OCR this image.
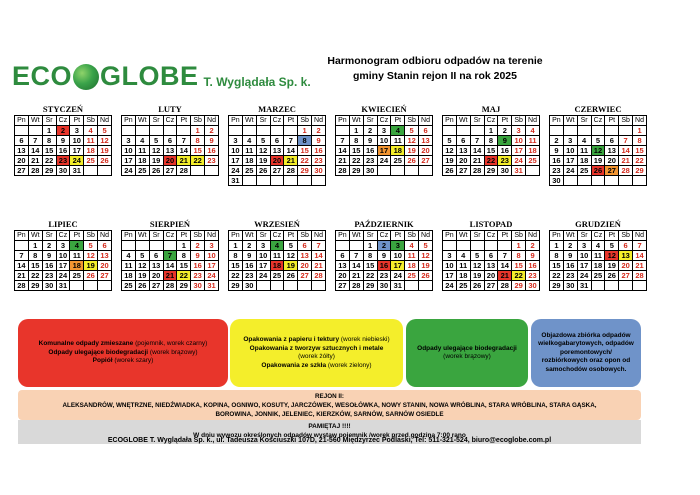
ECO GLOBE T. Wyglądała Sp. k.
Harmonogram odbioru odpadów na terenie
gminy Stanin rejon II na rok 2025
STYCZEŃ
Pn	Wt	Śr	Cz	Pt	Sb	Nd
		1	2	3	4	5
6	7	8	9	10	11	12
13	14	15	16	17	18	19
20	21	22	23	24	25	26
27	28	29	30	31		
LUTY
Pn	Wt	Śr	Cz	Pt	Sb	Nd
					1	2
3	4	5	6	7	8	9
10	11	12	13	14	15	16
17	18	19	20	21	22	23
24	25	26	27	28		
MARZEC
Pn	Wt	Śr	Cz	Pt	Sb	Nd
					1	2
3	4	5	6	7	8	9
10	11	12	13	14	15	16
17	18	19	20	21	22	23
24	25	26	27	28	29	30
31						
KWIECIEŃ
Pn	Wt	Śr	Cz	Pt	Sb	Nd
	1	2	3	4	5	6
7	8	9	10	11	12	13
14	15	16	17	18	19	20
21	22	23	24	25	26	27
28	29	30				
MAJ
Pn	Wt	Śr	Cz	Pt	Sb	Nd
			1	2	3	4
5	6	7	8	9	10	11
12	13	14	15	16	17	18
19	20	21	22	23	24	25
26	27	28	29	30	31	
CZERWIEC
Pn	Wt	Śr	Cz	Pt	Sb	Nd
						1
2	3	4	5	6	7	8
9	10	11	12	13	14	15
16	17	18	19	20	21	22
23	24	25	26	27	28	29
30						
LIPIEC
Pn	Wt	Śr	Cz	Pt	Sb	Nd
	1	2	3	4	5	6
7	8	9	10	11	12	13
14	15	16	17	18	19	20
21	22	23	24	25	26	27
28	29	30	31			
SIERPIEŃ
Pn	Wt	Śr	Cz	Pt	Sb	Nd
				1	2	3
4	5	6	7	8	9	10
11	12	13	14	15	16	17
18	19	20	21	22	23	24
25	26	27	28	29	30	31
WRZESIEŃ
Pn	Wt	Śr	Cz	Pt	Sb	Nd
1	2	3	4	5	6	7
8	9	10	11	12	13	14
15	16	17	18	19	20	21
22	23	24	25	26	27	28
29	30					
PAŹDZIERNIK
Pn	Wt	Śr	Cz	Pt	Sb	Nd
		1	2	3	4	5
6	7	8	9	10	11	12
13	14	15	16	17	18	19
20	21	22	23	24	25	26
27	28	29	30	31		
LISTOPAD
Pn	Wt	Śr	Cz	Pt	Sb	Nd
					1	2
3	4	5	6	7	8	9
10	11	12	13	14	15	16
17	18	19	20	21	22	23
24	25	26	27	28	29	30
GRUDZIEŃ
Pn	Wt	Śr	Cz	Pt	Sb	Nd
1	2	3	4	5	6	7
8	9	10	11	12	13	14
15	16	17	18	19	20	21
22	23	24	25	26	27	28
29	30	31				
Komunalne odpady zmieszane (pojemnik, worek czarny)
Odpady ulegające biodegradacji (worek brązowy)
Popiół (worek szary)
Opakowania z papieru i tektury (worek niebieski)
Opakowania z tworzyw sztucznych i metale
(worek żółty)
Opakowania ze szkła (worek zielony)
Odpady ulegające biodegradacji (worek brązowy)
Objazdowa zbiórka odpadów wielkogabarytowych, odpadów poremontowych/ rozbiórkowych oraz opon od samochodów osobowych.
REJON II:
ALEKSANDRÓW, WNĘTRZNE, NIEDŹWIADKA, KOPINA, OGNIWO, KOSUTY, JARCZÓWEK, WESOŁÓWKA, NOWY STANIN, NOWA WRÓBLINA, STARA WRÓBLINA, STARA GĄSKA,
BOROWINA, JONNIK, JELENIEC, KIERZKÓW, SARNÓW, SARNÓW OSIEDLE
PAMIĘTAJ !!!!
W dniu wywozu określonych odpadów wystaw pojemnik /worek przed godziną 7:00 rano
ECOGLOBE T. Wyglądała Sp. k., ul. Tadeusza Kościuszki 107D, 21-560 Międzyrzec Podlaski, Tel: 511-321-524, biuro@ecoglobe.com.pl
